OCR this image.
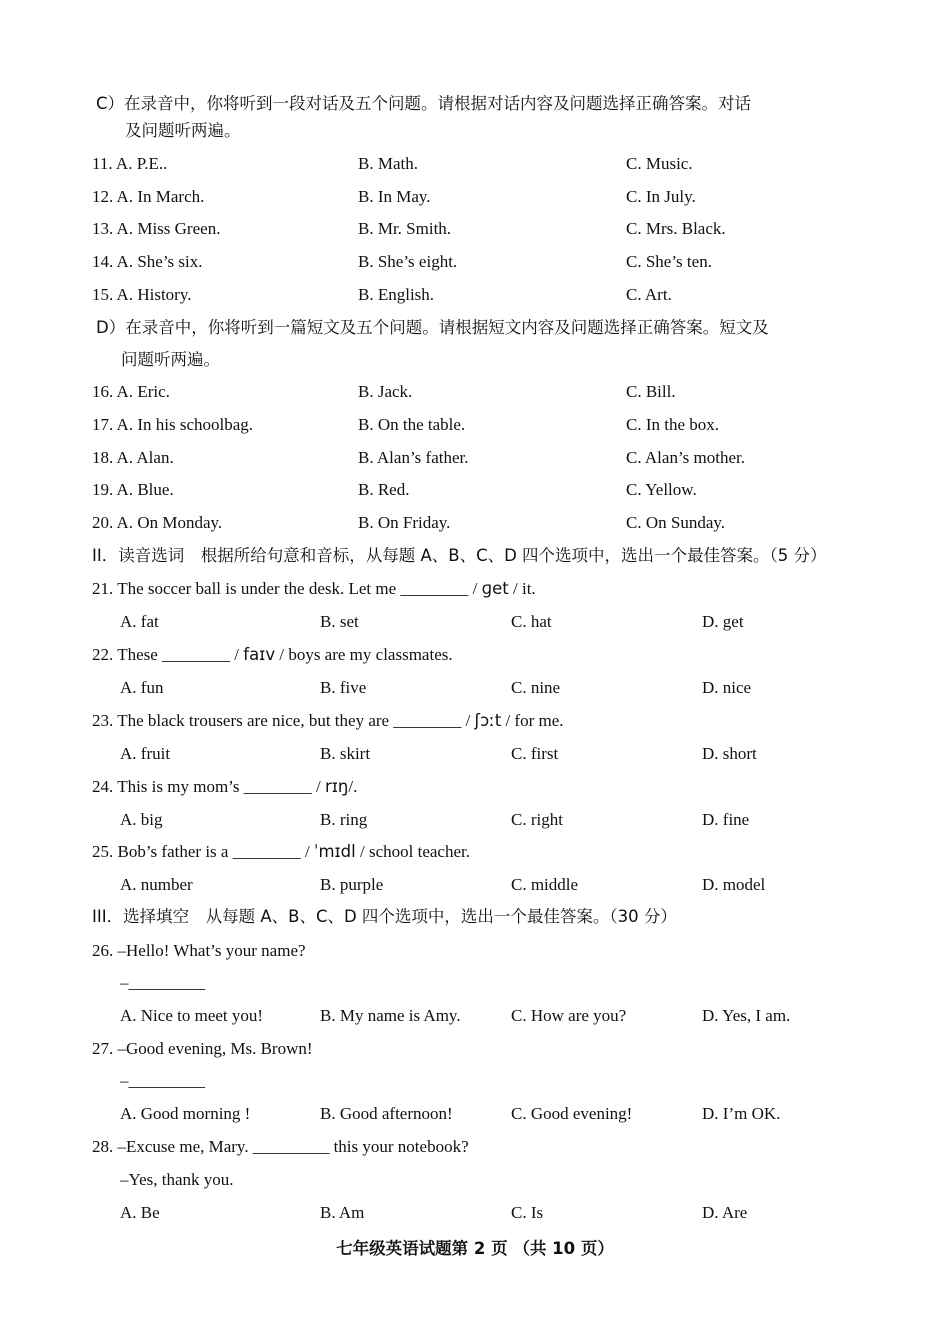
C）在录音中，你将听到一段对话及五个问题。请根据对话内容及问题选择正确答案。对话
及问题听两遍。
11. A. P.E..	B. Math.	C. Music.
12. A. In March.	B. In May.	C. In July.
13. A. Miss Green.	B. Mr. Smith.	C. Mrs. Black.
14. A. She’s six.	B. She’s eight.	C. She’s ten.
15. A. History.	B. English.	C. Art.
D）在录音中，你将听到一篇短文及五个问题。请根据短文内容及问题选择正确答案。短文及
问题听两遍。
16. A. Eric.	B. Jack.	C. Bill.
17. A. In his schoolbag.	B. On the table.	C. In the box.
18. A. Alan.	B. Alan’s father.	C. Alan’s mother.
19. A. Blue.	B. Red.	C. Yellow.
20. A. On Monday.	B. On Friday.	C. On Sunday.
II．读音选词　根据所给句意和音标，从每题 A、B、C、D 四个选项中，选出一个最佳答案。（5 分）
21. The soccer ball is under the desk. Let me ________ / ɡet / it.
A. fat	B. set	C. hat	D. get
22. These ________ / faɪv / boys are my classmates.
A. fun	B. five	C. nine	D. nice
23. The black trousers are nice, but they are ________ / ʃɔːt / for me.
A. fruit	B. skirt	C. first	D. short
24. This is my mom’s ________ / rɪŋ/.
A. big	B. ring	C. right	D. fine
25. Bob’s father is a ________ / ˈmɪdl / school teacher.
A. number	B. purple	C. middle	D. model
III．选择填空　从每题 A、B、C、D 四个选项中，选出一个最佳答案。（30 分）
26. –Hello! What’s your name?
–_________
A. Nice to meet you!	B. My name is Amy.	C. How are you?	D. Yes, I am.
27. –Good evening, Ms. Brown!
–_________
A. Good morning !	B. Good afternoon!	C. Good evening!	D. I’m OK.
28. –Excuse me, Mary. _________ this your notebook?
–Yes, thank you.
A. Be	B. Am	C. Is	D. Are
七年级英语试题第 2 页 （共 10 页）
